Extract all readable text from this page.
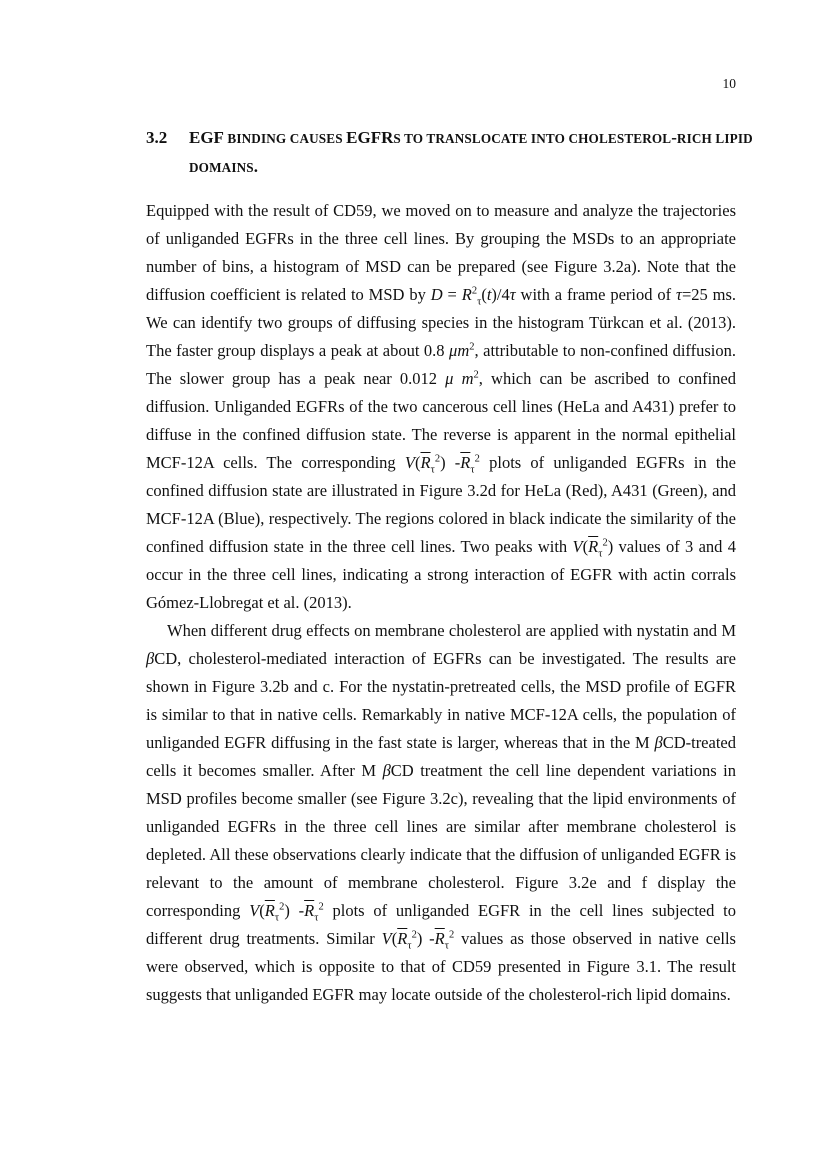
10
3.2 EGF BINDING CAUSES EGFRS TO TRANSLOCATE INTO CHOLESTEROL-RICH LIPID DOMAINS.

Equipped with the result of CD59, we moved on to measure and analyze the trajectories of unliganded EGFRs in the three cell lines. By grouping the MSDs to an appropriate number of bins, a histogram of MSD can be prepared (see Figure 3.2a). Note that the diffusion coefficient is related to MSD by $D = R^2_\tau(t)/4\tau$ with a frame period of τ=25 ms. We can identify two groups of diffusing species in the histogram Türkcan et al. (2013). The faster group displays a peak at about 0.8 $\mu m^2$, attributable to non-confined diffusion. The slower group has a peak near 0.012 μ $m^2$, which can be ascribed to confined diffusion. Unliganded EGFRs of the two cancerous cell lines (HeLa and A431) prefer to diffuse in the confined diffusion state. The reverse is apparent in the normal epithelial MCF-12A cells. The corresponding $V(\overline{R}_\tau^2)$ $-\overline{R}_\tau^2$ plots of unliganded EGFRs in the confined diffusion state are illustrated in Figure 3.2d for HeLa (Red), A431 (Green), and MCF-12A (Blue), respectively. The regions colored in black indicate the similarity of the confined diffusion state in the three cell lines. Two peaks with $V(\overline{R}_\tau^2)$ values of 3 and 4 occur in the three cell lines, indicating a strong interaction of EGFR with actin corrals Gómez-Llobregat et al. (2013).

When different drug effects on membrane cholesterol are applied with nystatin and M βCD, cholesterol-mediated interaction of EGFRs can be investigated. The results are shown in Figure 3.2b and c. For the nystatin-pretreated cells, the MSD profile of EGFR is similar to that in native cells. Remarkably in native MCF-12A cells, the population of unliganded EGFR diffusing in the fast state is larger, whereas that in the M βCD-treated cells it becomes smaller. After M βCD treatment the cell line dependent variations in MSD profiles become smaller (see Figure 3.2c), revealing that the lipid environments of unliganded EGFRs in the three cell lines are similar after membrane cholesterol is depleted. All these observations clearly indicate that the diffusion of unliganded EGFR is relevant to the amount of membrane cholesterol. Figure 3.2e and f display the corresponding $V(\overline{R}_\tau^2)$ $-\overline{R}_\tau^2$ plots of unliganded EGFR in the cell lines subjected to different drug treatments. Similar $V(\overline{R}_\tau^2)$ $-\overline{R}_\tau^2$ values as those observed in native cells were observed, which is opposite to that of CD59 presented in Figure 3.1. The result suggests that unliganded EGFR may locate outside of the cholesterol-rich lipid domains.
